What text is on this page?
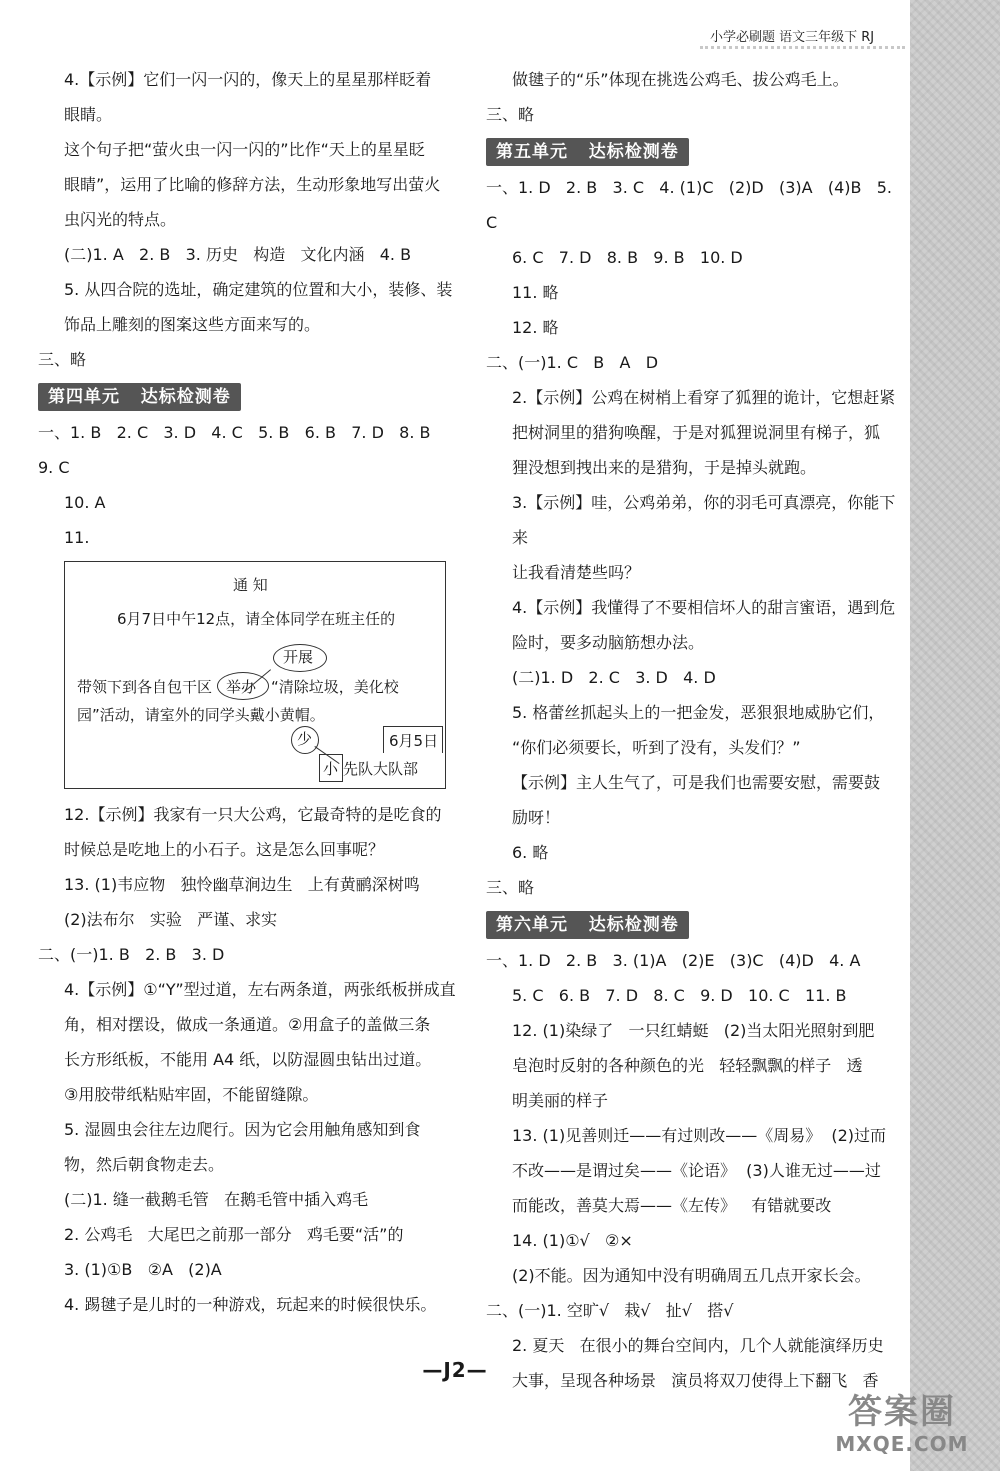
小学必刷题 语文三年级下 RJ

4.【示例】它们一闪一闪的，像天上的星星那样眨着

眼睛。

这个句子把“萤火虫一闪一闪的”比作“天上的星星眨

眼睛”，运用了比喻的修辞方法，生动形象地写出萤火

虫闪光的特点。

(二)1. A   2. B   3. 历史   构造   文化内涵   4. B

5. 从四合院的选址，确定建筑的位置和大小，装修、装

饰品上雕刻的图案这些方面来写的。

三、略

第四单元   达标检测卷

一、1. B   2. C   3. D   4. C   5. B   6. B   7. D   8. B   9. C

10. A

11.

通 知
6月7日中午12点，请全体同学在班主任的
开展
带领下到各自包干区 举办 “清除垃圾，美化校
园”活动，请室外的同学头戴小黄帽。
少	6月5日
小 先队大队部

12.【示例】我家有一只大公鸡，它最奇特的是吃食的

时候总是吃地上的小石子。这是怎么回事呢？

13. (1)韦应物   独怜幽草涧边生   上有黄鹂深树鸣

(2)法布尔   实验   严谨、求实

二、(一)1. B   2. B   3. D

4.【示例】①“Y”型过道，左右两条道，两张纸板拼成直

角，相对摆设，做成一条通道。②用盒子的盖做三条

长方形纸板，不能用 A4 纸，以防湿圆虫钻出过道。

③用胶带纸粘贴牢固，不能留缝隙。

5. 湿圆虫会往左边爬行。因为它会用触角感知到食

物，然后朝食物走去。

(二)1. 缝一截鹅毛管   在鹅毛管中插入鸡毛

2. 公鸡毛   大尾巴之前那一部分   鸡毛要“活”的

3. (1)①B   ②A   (2)A

4. 踢毽子是儿时的一种游戏，玩起来的时候很快乐。

做毽子的“乐”体现在挑选公鸡毛、拔公鸡毛上。

三、略

第五单元   达标检测卷

一、1. D   2. B   3. C   4. (1)C   (2)D   (3)A   (4)B   5. C

6. C   7. D   8. B   9. B   10. D

11. 略

12. 略

二、(一)1. C   B   A   D

2.【示例】公鸡在树梢上看穿了狐狸的诡计，它想赶紧

把树洞里的猎狗唤醒，于是对狐狸说洞里有梯子，狐

狸没想到拽出来的是猎狗，于是掉头就跑。

3.【示例】哇，公鸡弟弟，你的羽毛可真漂亮，你能下来

让我看清楚些吗？

4.【示例】我懂得了不要相信坏人的甜言蜜语，遇到危

险时，要多动脑筋想办法。

(二)1. D   2. C   3. D   4. D

5. 格蕾丝抓起头上的一把金发，恶狠狠地威胁它们，

“你们必须要长，听到了没有，头发们？”

【示例】主人生气了，可是我们也需要安慰，需要鼓

励呀！

6. 略

三、略

第六单元   达标检测卷

一、1. D   2. B   3. (1)A   (2)E   (3)C   (4)D   4. A

5. C   6. B   7. D   8. C   9. D   10. C   11. B

12. (1)染绿了   一只红蜻蜓   (2)当太阳光照射到肥

皂泡时反射的各种颜色的光   轻轻飘飘的样子   透

明美丽的样子

13. (1)见善则迁——有过则改——《周易》  (2)过而

不改——是谓过矣——《论语》  (3)人谁无过——过

而能改，善莫大焉——《左传》   有错就要改

14. (1)①√   ②×

(2)不能。因为通知中没有明确周五几点开家长会。

二、(一)1. 空旷√   栽√   扯√   搭√

2. 夏天   在很小的舞台空间内，几个人就能演绎历史

大事，呈现各种场景   演员将双刀使得上下翻飞   香

—J2—
答案圈
MXQE.COM
